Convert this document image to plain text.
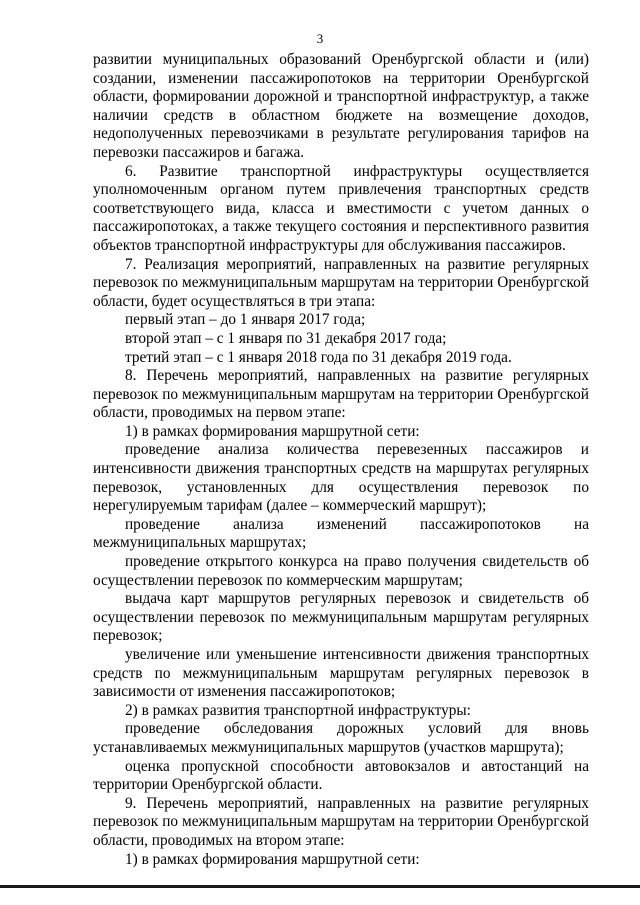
3

развитии муниципальных образований Оренбургской области и (или) создании, изменении пассажиропотоков на территории Оренбургской области, формировании дорожной и транспортной инфраструктур, а также наличии средств в областном бюджете на возмещение доходов, недополученных перевозчиками в результате регулирования тарифов на перевозки пассажиров и багажа.

6. Развитие транспортной инфраструктуры осуществляется уполномоченным органом путем привлечения транспортных средств соответствующего вида, класса и вместимости с учетом данных о пассажиропотоках, а также текущего состояния и перспективного развития объектов транспортной инфраструктуры для обслуживания пассажиров.

7. Реализация мероприятий, направленных на развитие регулярных перевозок по межмуниципальным маршрутам на территории Оренбургской области, будет осуществляться в три этапа:

первый этап – до 1 января 2017 года;

второй этап – с 1 января по 31 декабря 2017 года;

третий этап – с 1 января 2018 года по 31 декабря 2019 года.

8. Перечень мероприятий, направленных на развитие регулярных перевозок по межмуниципальным маршрутам на территории Оренбургской области, проводимых на первом этапе:

1) в рамках формирования маршрутной сети:

проведение анализа количества перевезенных пассажиров и интенсивности движения транспортных средств на маршрутах регулярных перевозок, установленных для осуществления перевозок по нерегулируемым тарифам (далее – коммерческий маршрут);

проведение анализа изменений пассажиропотоков на межмуниципальных маршрутах;

проведение открытого конкурса на право получения свидетельств об осуществлении перевозок по коммерческим маршрутам;

выдача карт маршрутов регулярных перевозок и свидетельств об осуществлении перевозок по межмуниципальным маршрутам регулярных перевозок;

увеличение или уменьшение интенсивности движения транспортных средств по межмуниципальным маршрутам регулярных перевозок в зависимости от изменения пассажиропотоков;

2) в рамках развития транспортной инфраструктуры:

проведение обследования дорожных условий для вновь устанавливаемых межмуниципальных маршрутов (участков маршрута);

оценка пропускной способности автовокзалов и автостанций на территории Оренбургской области.

9. Перечень мероприятий, направленных на развитие регулярных перевозок по межмуниципальным маршрутам на территории Оренбургской области, проводимых на втором этапе:

1) в рамках формирования маршрутной сети:
